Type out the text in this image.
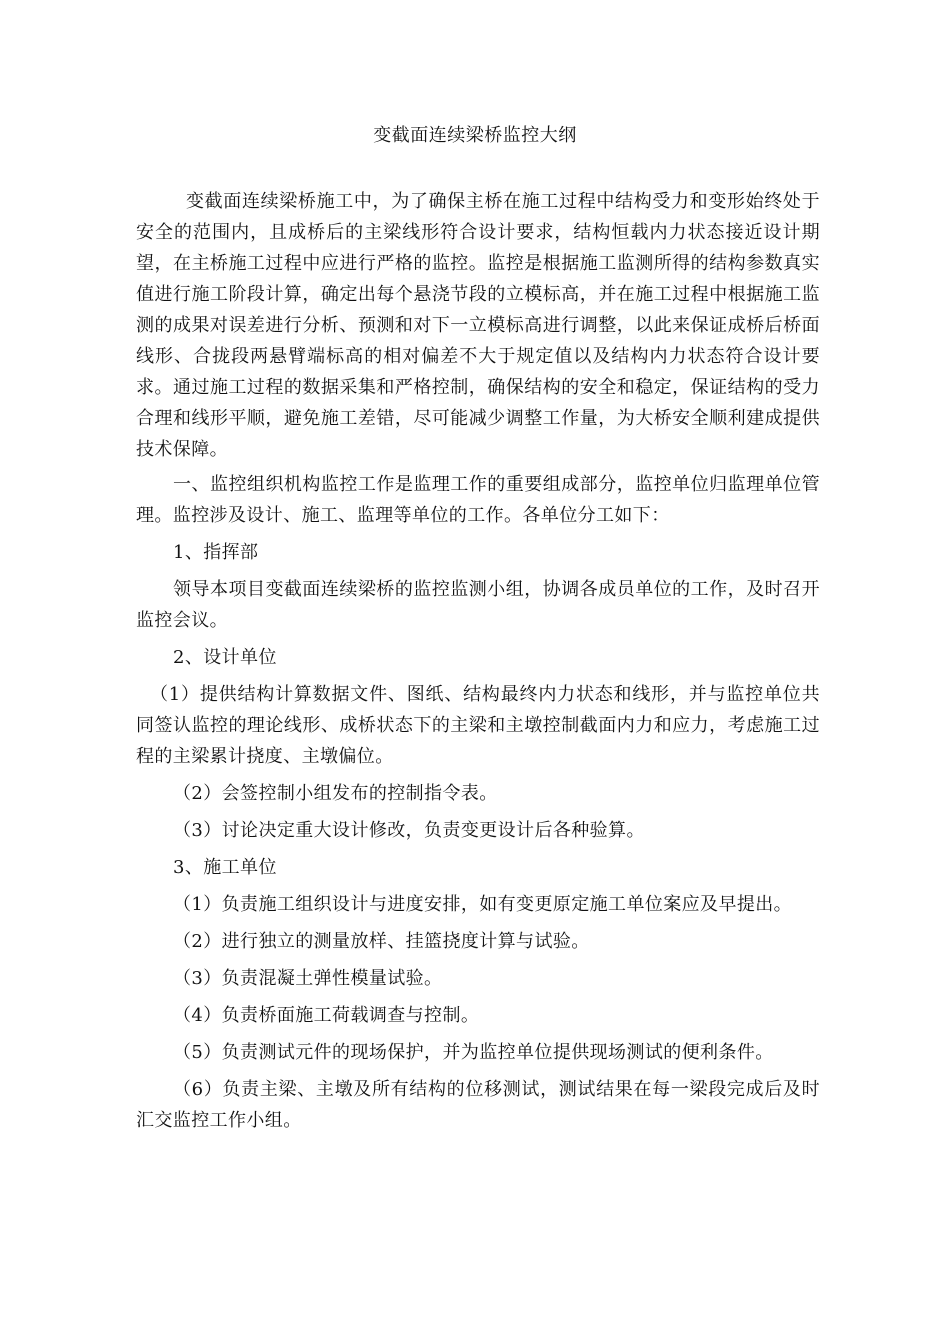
变截面连续梁桥监控大纲

变截面连续梁桥施工中，为了确保主桥在施工过程中结构受力和变形始终处于安全的范围内，且成桥后的主梁线形符合设计要求，结构恒载内力状态接近设计期望，在主桥施工过程中应进行严格的监控。监控是根据施工监测所得的结构参数真实值进行施工阶段计算，确定出每个悬浇节段的立模标高，并在施工过程中根据施工监测的成果对误差进行分析、预测和对下一立模标高进行调整，以此来保证成桥后桥面线形、合拢段两悬臂端标高的相对偏差不大于规定值以及结构内力状态符合设计要求。通过施工过程的数据采集和严格控制，确保结构的安全和稳定，保证结构的受力合理和线形平顺，避免施工差错，尽可能减少调整工作量，为大桥安全顺利建成提供技术保障。

一、监控组织机构监控工作是监理工作的重要组成部分，监控单位归监理单位管理。监控涉及设计、施工、监理等单位的工作。各单位分工如下：

1、指挥部

领导本项目变截面连续梁桥的监控监测小组，协调各成员单位的工作，及时召开监控会议。

2、设计单位

（1）提供结构计算数据文件、图纸、结构最终内力状态和线形，并与监控单位共同签认监控的理论线形、成桥状态下的主梁和主墩控制截面内力和应力，考虑施工过程的主梁累计挠度、主墩偏位。

（2）会签控制小组发布的控制指令表。

（3）讨论决定重大设计修改，负责变更设计后各种验算。

3、施工单位

（1）负责施工组织设计与进度安排，如有变更原定施工单位案应及早提出。

（2）进行独立的测量放样、挂篮挠度计算与试验。

（3）负责混凝土弹性模量试验。

（4）负责桥面施工荷载调查与控制。

（5）负责测试元件的现场保护，并为监控单位提供现场测试的便利条件。

（6）负责主梁、主墩及所有结构的位移测试，测试结果在每一梁段完成后及时汇交监控工作小组。
